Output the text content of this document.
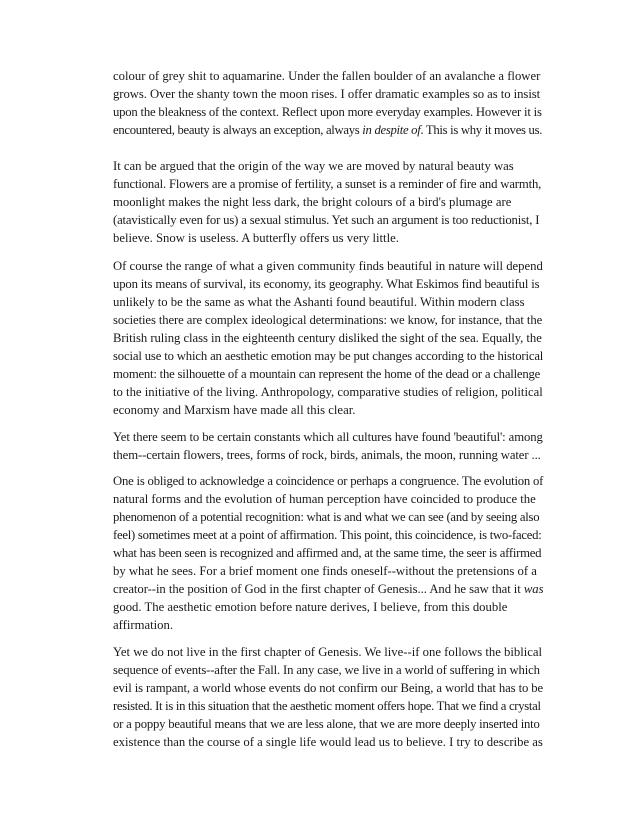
colour of grey shit to aquamarine. Under the fallen boulder of an avalanche a flower
grows. Over the shanty town the moon rises. I offer dramatic examples so as to insist
upon the bleakness of the context. Reflect upon more everyday examples. However it is
encountered, beauty is always an exception, always in despite of. This is why it moves us.
It can be argued that the origin of the way we are moved by natural beauty was
functional. Flowers are a promise of fertility, a sunset is a reminder of fire and warmth,
moonlight makes the night less dark, the bright colours of a bird's plumage are
(atavistically even for us) a sexual stimulus. Yet such an argument is too reductionist, I
believe. Snow is useless. A butterfly offers us very little.
Of course the range of what a given community finds beautiful in nature will depend
upon its means of survival, its economy, its geography. What Eskimos find beautiful is
unlikely to be the same as what the Ashanti found beautiful. Within modern class
societies there are complex ideological determinations: we know, for instance, that the
British ruling class in the eighteenth century disliked the sight of the sea. Equally, the
social use to which an aesthetic emotion may be put changes according to the historical
moment: the silhouette of a mountain can represent the home of the dead or a challenge
to the initiative of the living. Anthropology, comparative studies of religion, political
economy and Marxism have made all this clear.
Yet there seem to be certain constants which all cultures have found 'beautiful': among
them--certain flowers, trees, forms of rock, birds, animals, the moon, running water ...
One is obliged to acknowledge a coincidence or perhaps a congruence. The evolution of
natural forms and the evolution of human perception have coincided to produce the
phenomenon of a potential recognition: what is and what we can see (and by seeing also
feel) sometimes meet at a point of affirmation. This point, this coincidence, is two-faced:
what has been seen is recognized and affirmed and, at the same time, the seer is affirmed
by what he sees. For a brief moment one finds oneself--without the pretensions of a
creator--in the position of God in the first chapter of Genesis... And he saw that it was
good. The aesthetic emotion before nature derives, I believe, from this double
affirmation.
Yet we do not live in the first chapter of Genesis. We live--if one follows the biblical
sequence of events--after the Fall. In any case, we live in a world of suffering in which
evil is rampant, a world whose events do not confirm our Being, a world that has to be
resisted. It is in this situation that the aesthetic moment offers hope. That we find a crystal
or a poppy beautiful means that we are less alone, that we are more deeply inserted into
existence than the course of a single life would lead us to believe. I try to describe as
